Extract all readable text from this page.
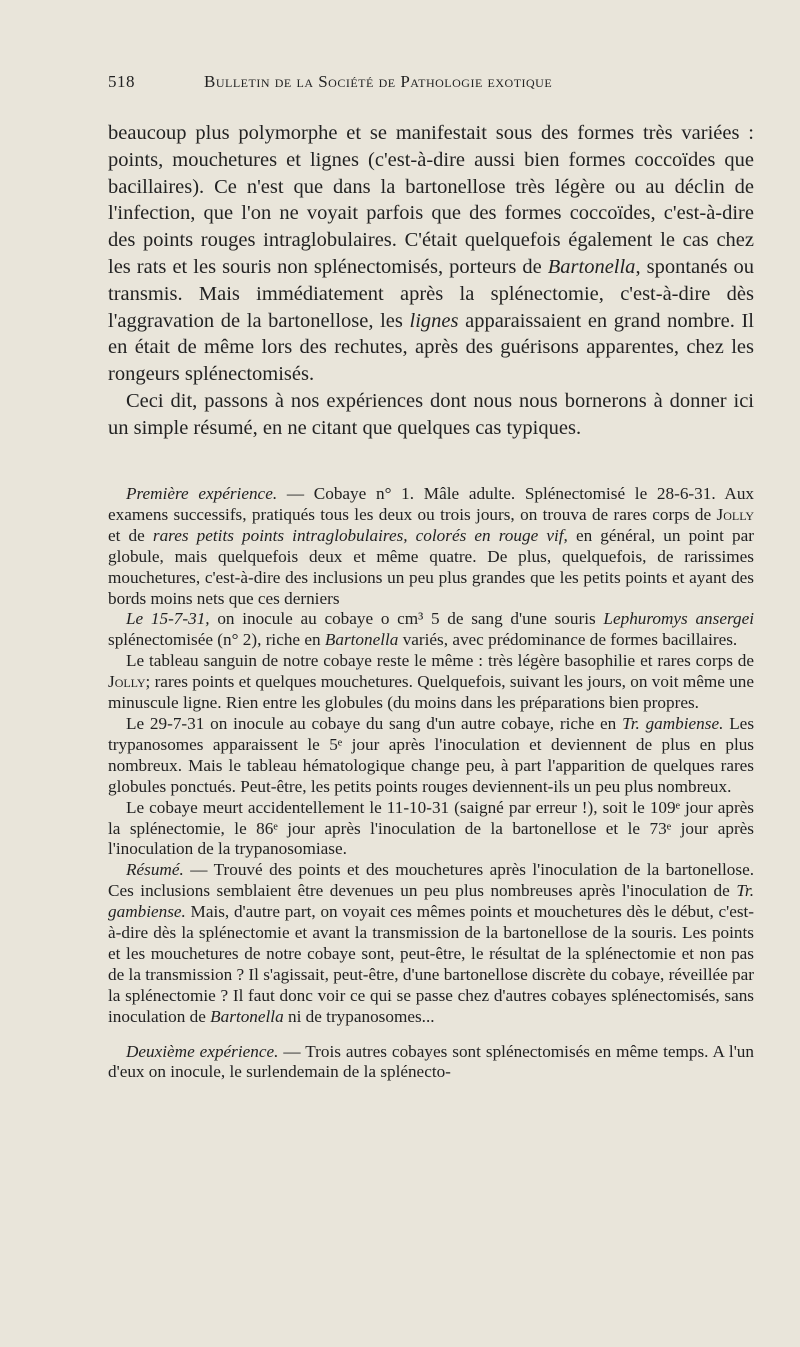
518	Bulletin de la Société de Pathologie exotique

beaucoup plus polymorphe et se manifestait sous des formes très variées : points, mouchetures et lignes (c'est-à-dire aussi bien formes coccoïdes que bacillaires). Ce n'est que dans la bartonellose très légère ou au déclin de l'infection, que l'on ne voyait parfois que des formes coccoïdes, c'est-à-dire des points rouges intraglobulaires. C'était quelquefois également le cas chez les rats et les souris non splénectomisés, porteurs de Bartonella, spontanés ou transmis. Mais immédiatement après la splénectomie, c'est-à-dire dès l'aggravation de la bartonellose, les lignes apparaissaient en grand nombre. Il en était de même lors des rechutes, après des guérisons apparentes, chez les rongeurs splénectomisés.

Ceci dit, passons à nos expériences dont nous nous bornerons à donner ici un simple résumé, en ne citant que quelques cas typiques.

Première expérience. — Cobaye n° 1. Mâle adulte. Splénectomisé le 28-6-31. Aux examens successifs, pratiqués tous les deux ou trois jours, on trouva de rares corps de Jolly et de rares petits points intraglobulaires, colorés en rouge vif, en général, un point par globule, mais quelquefois deux et même quatre. De plus, quelquefois, de rarissimes mouchetures, c'est-à-dire des inclusions un peu plus grandes que les petits points et ayant des bords moins nets que ces derniers

Le 15-7-31, on inocule au cobaye o cm³ 5 de sang d'une souris Lephuromys ansergei splénectomisée (n° 2), riche en Bartonella variés, avec prédominance de formes bacillaires.

Le tableau sanguin de notre cobaye reste le même : très légère basophilie et rares corps de Jolly; rares points et quelques mouchetures. Quelquefois, suivant les jours, on voit même une minuscule ligne. Rien entre les globules (du moins dans les préparations bien propres.

Le 29-7-31 on inocule au cobaye du sang d'un autre cobaye, riche en Tr. gambiense. Les trypanosomes apparaissent le 5ᵉ jour après l'inoculation et deviennent de plus en plus nombreux. Mais le tableau hématologique change peu, à part l'apparition de quelques rares globules ponctués. Peut-être, les petits points rouges deviennent-ils un peu plus nombreux.

Le cobaye meurt accidentellement le 11-10-31 (saigné par erreur !), soit le 109ᵉ jour après la splénectomie, le 86ᵉ jour après l'inoculation de la bartonellose et le 73ᵉ jour après l'inoculation de la trypanosomiase.

Résumé. — Trouvé des points et des mouchetures après l'inoculation de la bartonellose. Ces inclusions semblaient être devenues un peu plus nombreuses après l'inoculation de Tr. gambiense. Mais, d'autre part, on voyait ces mêmes points et mouchetures dès le début, c'est-à-dire dès la splénectomie et avant la transmission de la bartonellose de la souris. Les points et les mouchetures de notre cobaye sont, peut-être, le résultat de la splénectomie et non pas de la transmission ? Il s'agissait, peut-être, d'une bartonellose discrète du cobaye, réveillée par la splénectomie ? Il faut donc voir ce qui se passe chez d'autres cobayes splénectomisés, sans inoculation de Bartonella ni de trypanosomes...

Deuxième expérience. — Trois autres cobayes sont splénectomisés en même temps. A l'un d'eux on inocule, le surlendemain de la splénecto-
